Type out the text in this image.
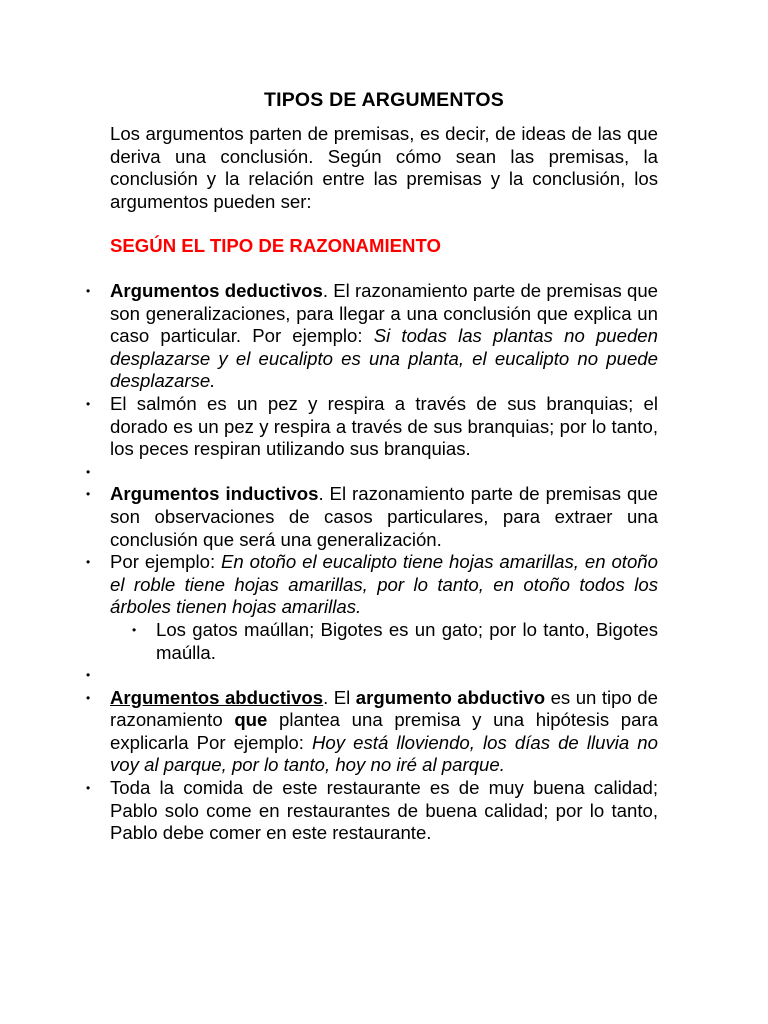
TIPOS DE ARGUMENTOS

Los argumentos parten de premisas, es decir, de ideas de las que deriva una conclusión. Según cómo sean las premisas, la conclusión y la relación entre las premisas y la conclusión, los argumentos pueden ser:

SEGÚN EL TIPO DE RAZONAMIENTO
• Argumentos deductivos. El razonamiento parte de premisas que son generalizaciones, para llegar a una conclusión que explica un caso particular. Por ejemplo: Si todas las plantas no pueden desplazarse y el eucalipto es una planta, el eucalipto no puede desplazarse.
• El salmón es un pez y respira a través de sus branquias; el dorado es un pez y respira a través de sus branquias; por lo tanto, los peces respiran utilizando sus branquias.
•
• Argumentos inductivos. El razonamiento parte de premisas que son observaciones de casos particulares, para extraer una conclusión que será una generalización.
• Por ejemplo: En otoño el eucalipto tiene hojas amarillas, en otoño el roble tiene hojas amarillas, por lo tanto, en otoño todos los árboles tienen hojas amarillas.
• Los gatos maúllan; Bigotes es un gato; por lo tanto, Bigotes maúlla.
•
• Argumentos abductivos. El argumento abductivo es un tipo de razonamiento que plantea una premisa y una hipótesis para explicarla Por ejemplo: Hoy está lloviendo, los días de lluvia no voy al parque, por lo tanto, hoy no iré al parque.
• Toda la comida de este restaurante es de muy buena calidad; Pablo solo come en restaurantes de buena calidad; por lo tanto, Pablo debe comer en este restaurante.
